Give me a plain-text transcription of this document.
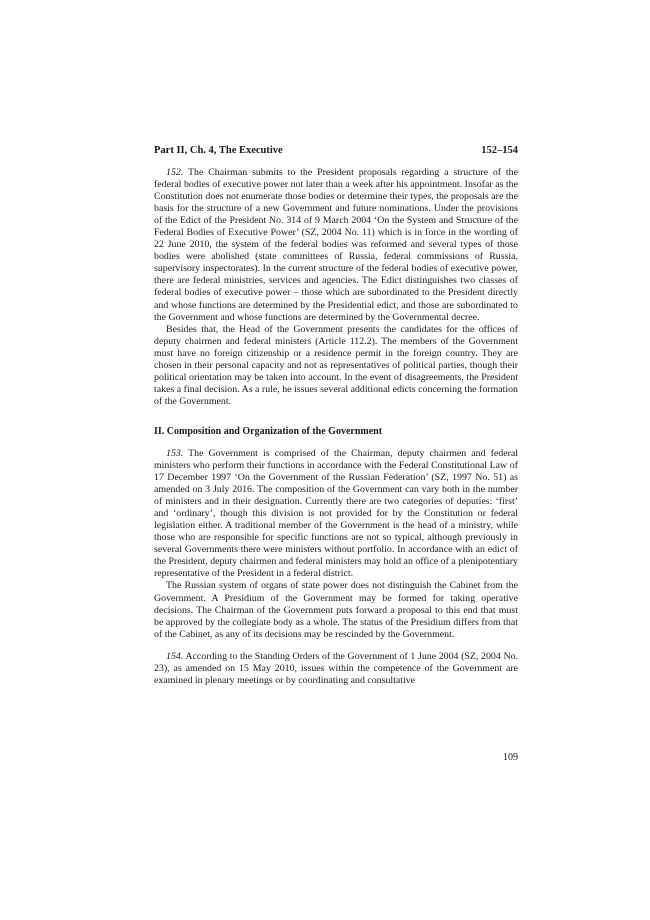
Part II, Ch. 4, The Executive	152–154

152. The Chairman submits to the President proposals regarding a structure of the federal bodies of executive power not later than a week after his appointment. Insofar as the Constitution does not enumerate those bodies or determine their types, the proposals are the basis for the structure of a new Government and future nominations. Under the provisions of the Edict of the President No. 314 of 9 March 2004 ‘On the System and Structure of the Federal Bodies of Executive Power’ (SZ, 2004 No. 11) which is in force in the wording of 22 June 2010, the system of the federal bodies was reformed and several types of those bodies were abolished (state committees of Russia, federal commissions of Russia, supervisory inspectorates). In the current structure of the federal bodies of executive power, there are federal ministries, services and agencies. The Edict distinguishes two classes of federal bodies of executive power – those which are subordinated to the President directly and whose functions are determined by the Presidential edict, and those are subordinated to the Government and whose functions are determined by the Governmental decree.

Besides that, the Head of the Government presents the candidates for the offices of deputy chairmen and federal ministers (Article 112.2). The members of the Government must have no foreign citizenship or a residence permit in the foreign country. They are chosen in their personal capacity and not as representatives of political parties, though their political orientation may be taken into account. In the event of disagreements, the President takes a final decision. As a rule, he issues several additional edicts concerning the formation of the Government.

II. Composition and Organization of the Government

153. The Government is comprised of the Chairman, deputy chairmen and federal ministers who perform their functions in accordance with the Federal Constitutional Law of 17 December 1997 ‘On the Government of the Russian Federation’ (SZ, 1997 No. 51) as amended on 3 July 2016. The composition of the Government can vary both in the number of ministers and in their designation. Currently there are two categories of deputies: ‘first’ and ‘ordinary’, though this division is not provided for by the Constitution or federal legislation either. A traditional member of the Government is the head of a ministry, while those who are responsible for specific functions are not so typical, although previously in several Governments there were ministers without portfolio. In accordance with an edict of the President, deputy chairmen and federal ministers may hold an office of a plenipotentiary representative of the President in a federal district.

The Russian system of organs of state power does not distinguish the Cabinet from the Government. A Presidium of the Government may be formed for taking operative decisions. The Chairman of the Government puts forward a proposal to this end that must be approved by the collegiate body as a whole. The status of the Presidium differs from that of the Cabinet, as any of its decisions may be rescinded by the Government.

154. According to the Standing Orders of the Government of 1 June 2004 (SZ, 2004 No. 23), as amended on 15 May 2010, issues within the competence of the Government are examined in plenary meetings or by coordinating and consultative

109
